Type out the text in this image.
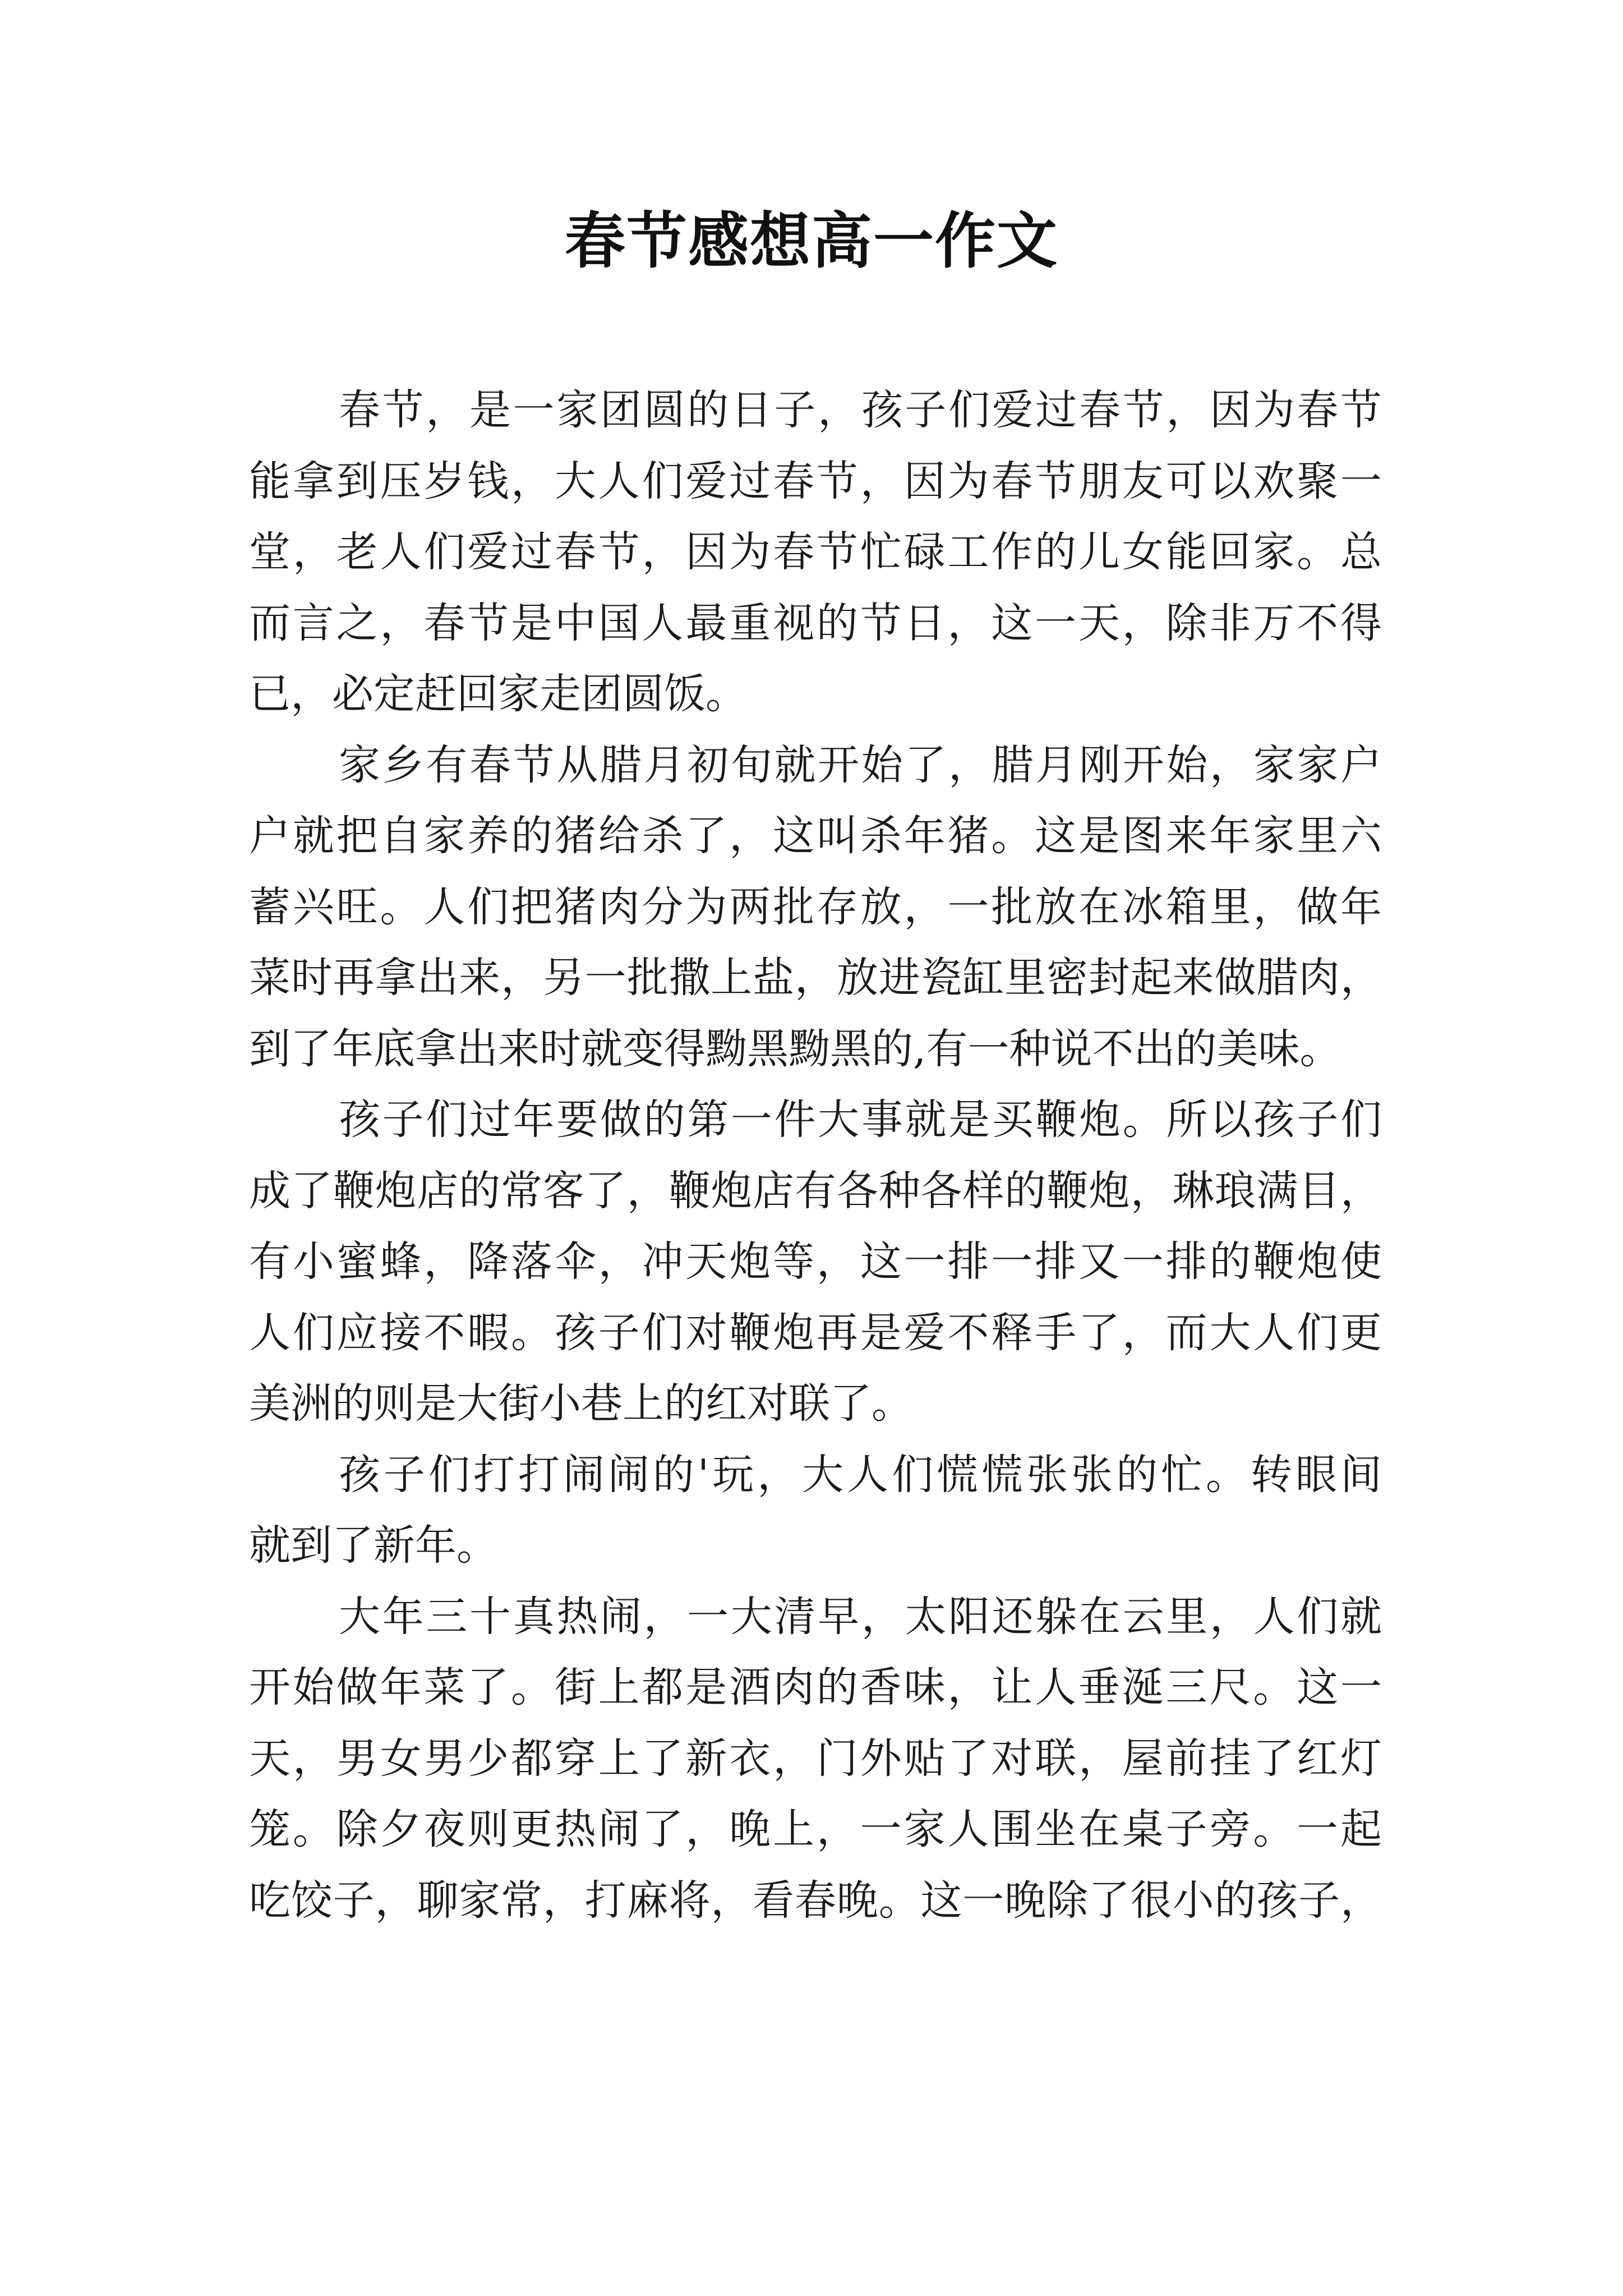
春节感想高一作文
春节，是一家团圆的日子，孩子们爱过春节，因为春节
能拿到压岁钱，大人们爱过春节，因为春节朋友可以欢聚一
堂，老人们爱过春节，因为春节忙碌工作的儿女能回家。总
而言之，春节是中国人最重视的节日，这一天，除非万不得
已，必定赶回家走团圆饭。
家乡有春节从腊月初旬就开始了，腊月刚开始，家家户
户就把自家养的猪给杀了，这叫杀年猪。这是图来年家里六
蓄兴旺。人们把猪肉分为两批存放，一批放在冰箱里，做年
菜时再拿出来，另一批撒上盐，放进瓷缸里密封起来做腊肉，
到了年底拿出来时就变得黝黑黝黑的,有一种说不出的美味。
孩子们过年要做的第一件大事就是买鞭炮。所以孩子们
成了鞭炮店的常客了，鞭炮店有各种各样的鞭炮，琳琅满目，
有小蜜蜂，降落伞，冲天炮等，这一排一排又一排的鞭炮使
人们应接不暇。孩子们对鞭炮再是爱不释手了，而大人们更
美洲的则是大街小巷上的红对联了。
孩子们打打闹闹的'玩，大人们慌慌张张的忙。转眼间
就到了新年。
大年三十真热闹，一大清早，太阳还躲在云里，人们就
开始做年菜了。街上都是酒肉的香味，让人垂涎三尺。这一
天，男女男少都穿上了新衣，门外贴了对联，屋前挂了红灯
笼。除夕夜则更热闹了，晚上，一家人围坐在桌子旁。一起
吃饺子，聊家常，打麻将，看春晚。这一晚除了很小的孩子，
